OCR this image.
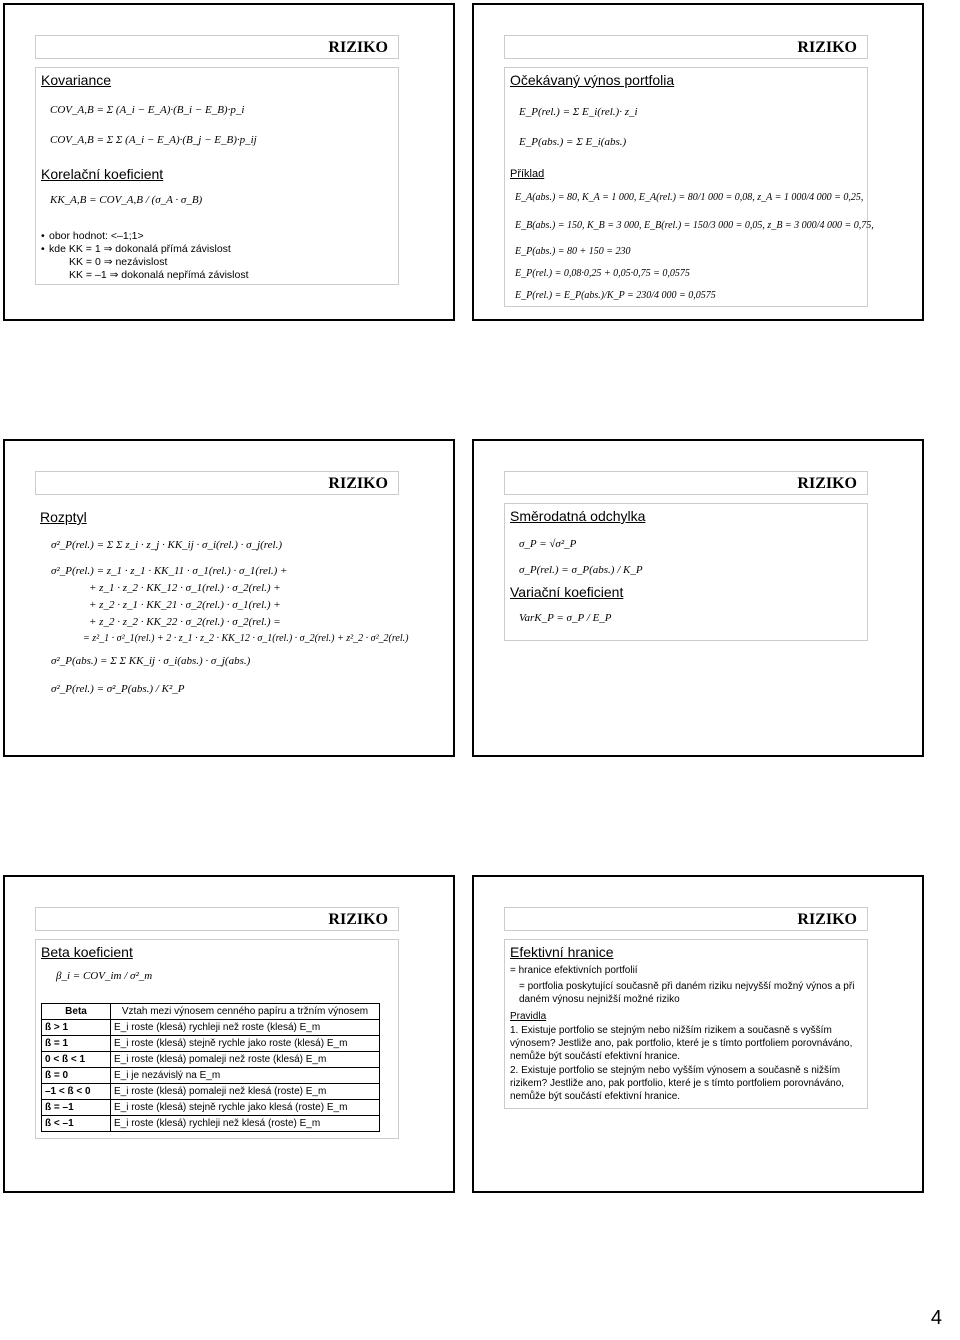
RIZIKO
Kovariance
COV_A,B = Σ (A_i − E_A)·(B_i − E_B)·p_i
COV_A,B = Σ Σ (A_i − E_A)·(B_j − E_B)·p_ij
Korelační koeficient
KK_A,B = COV_A,B / (σ_A · σ_B)
• obor hodnot: <–1;1>
• kde KK = 1 ⇒ dokonalá přímá závislost
KK = 0 ⇒ nezávislost
KK = –1 ⇒ dokonalá nepřímá závislost
RIZIKO
Očekávaný výnos portfolia
E_P(rel.) = Σ E_i(rel.)· z_i
E_P(abs.) = Σ E_i(abs.)
Příklad
E_A(abs.) = 80, K_A = 1 000, E_A(rel.) = 80/1 000 = 0,08, z_A = 1 000/4 000 = 0,25,
E_B(abs.) = 150, K_B = 3 000, E_B(rel.) = 150/3 000 = 0,05, z_B = 3 000/4 000 = 0,75,
E_P(abs.) = 80 + 150 = 230
E_P(rel.) = 0,08·0,25 + 0,05·0,75 = 0,0575
E_P(rel.) = E_P(abs.)/K_P = 230/4 000 = 0,0575
RIZIKO
Rozptyl
σ²_P(rel.) = Σ Σ z_i · z_j · KK_ij · σ_i(rel.) · σ_j(rel.)
σ²_P(rel.) = z_1 · z_1 · KK_11 · σ_1(rel.) · σ_1(rel.) +
+ z_1 · z_2 · KK_12 · σ_1(rel.) · σ_2(rel.) +
+ z_2 · z_1 · KK_21 · σ_2(rel.) · σ_1(rel.) +
+ z_2 · z_2 · KK_22 · σ_2(rel.) · σ_2(rel.) =
= z²_1 · σ²_1(rel.) + 2 · z_1 · z_2 · KK_12 · σ_1(rel.) · σ_2(rel.) + z²_2 · σ²_2(rel.)
σ²_P(abs.) = Σ Σ KK_ij · σ_i(abs.) · σ_j(abs.)
σ²_P(rel.) = σ²_P(abs.) / K²_P
RIZIKO
Směrodatná odchylka
σ_P = √σ²_P
σ_P(rel.) = σ_P(abs.) / K_P
Variační koeficient
VarK_P = σ_P / E_P
RIZIKO
Beta koeficient
β_i = COV_im / σ²_m
Beta	Vztah mezi výnosem cenného papíru a tržním výnosem
ß > 1	E_i roste (klesá) rychleji než roste (klesá) E_m
ß = 1	E_i roste (klesá) stejně rychle jako roste (klesá) E_m
0 < ß < 1	E_i roste (klesá) pomaleji než roste (klesá) E_m
ß = 0	E_i je nezávislý na E_m
–1 < ß < 0	E_i roste (klesá) pomaleji než klesá (roste) E_m
ß = –1	E_i roste (klesá) stejně rychle jako klesá (roste) E_m
ß < –1	E_i roste (klesá) rychleji než klesá (roste) E_m
RIZIKO
Efektivní hranice
= hranice efektivních portfolií
= portfolia poskytující současně při daném riziku nejvyšší možný výnos a při daném výnosu nejnižší možné riziko
Pravidla
1. Existuje portfolio se stejným nebo nižším rizikem a současně s vyšším výnosem? Jestliže ano, pak portfolio, které je s tímto portfoliem porovnáváno, nemůže být součástí efektivní hranice.
2. Existuje portfolio se stejným nebo vyšším výnosem a současně s nižším rizikem? Jestliže ano, pak portfolio, které je s tímto portfoliem porovnáváno, nemůže být součástí efektivní hranice.
4
